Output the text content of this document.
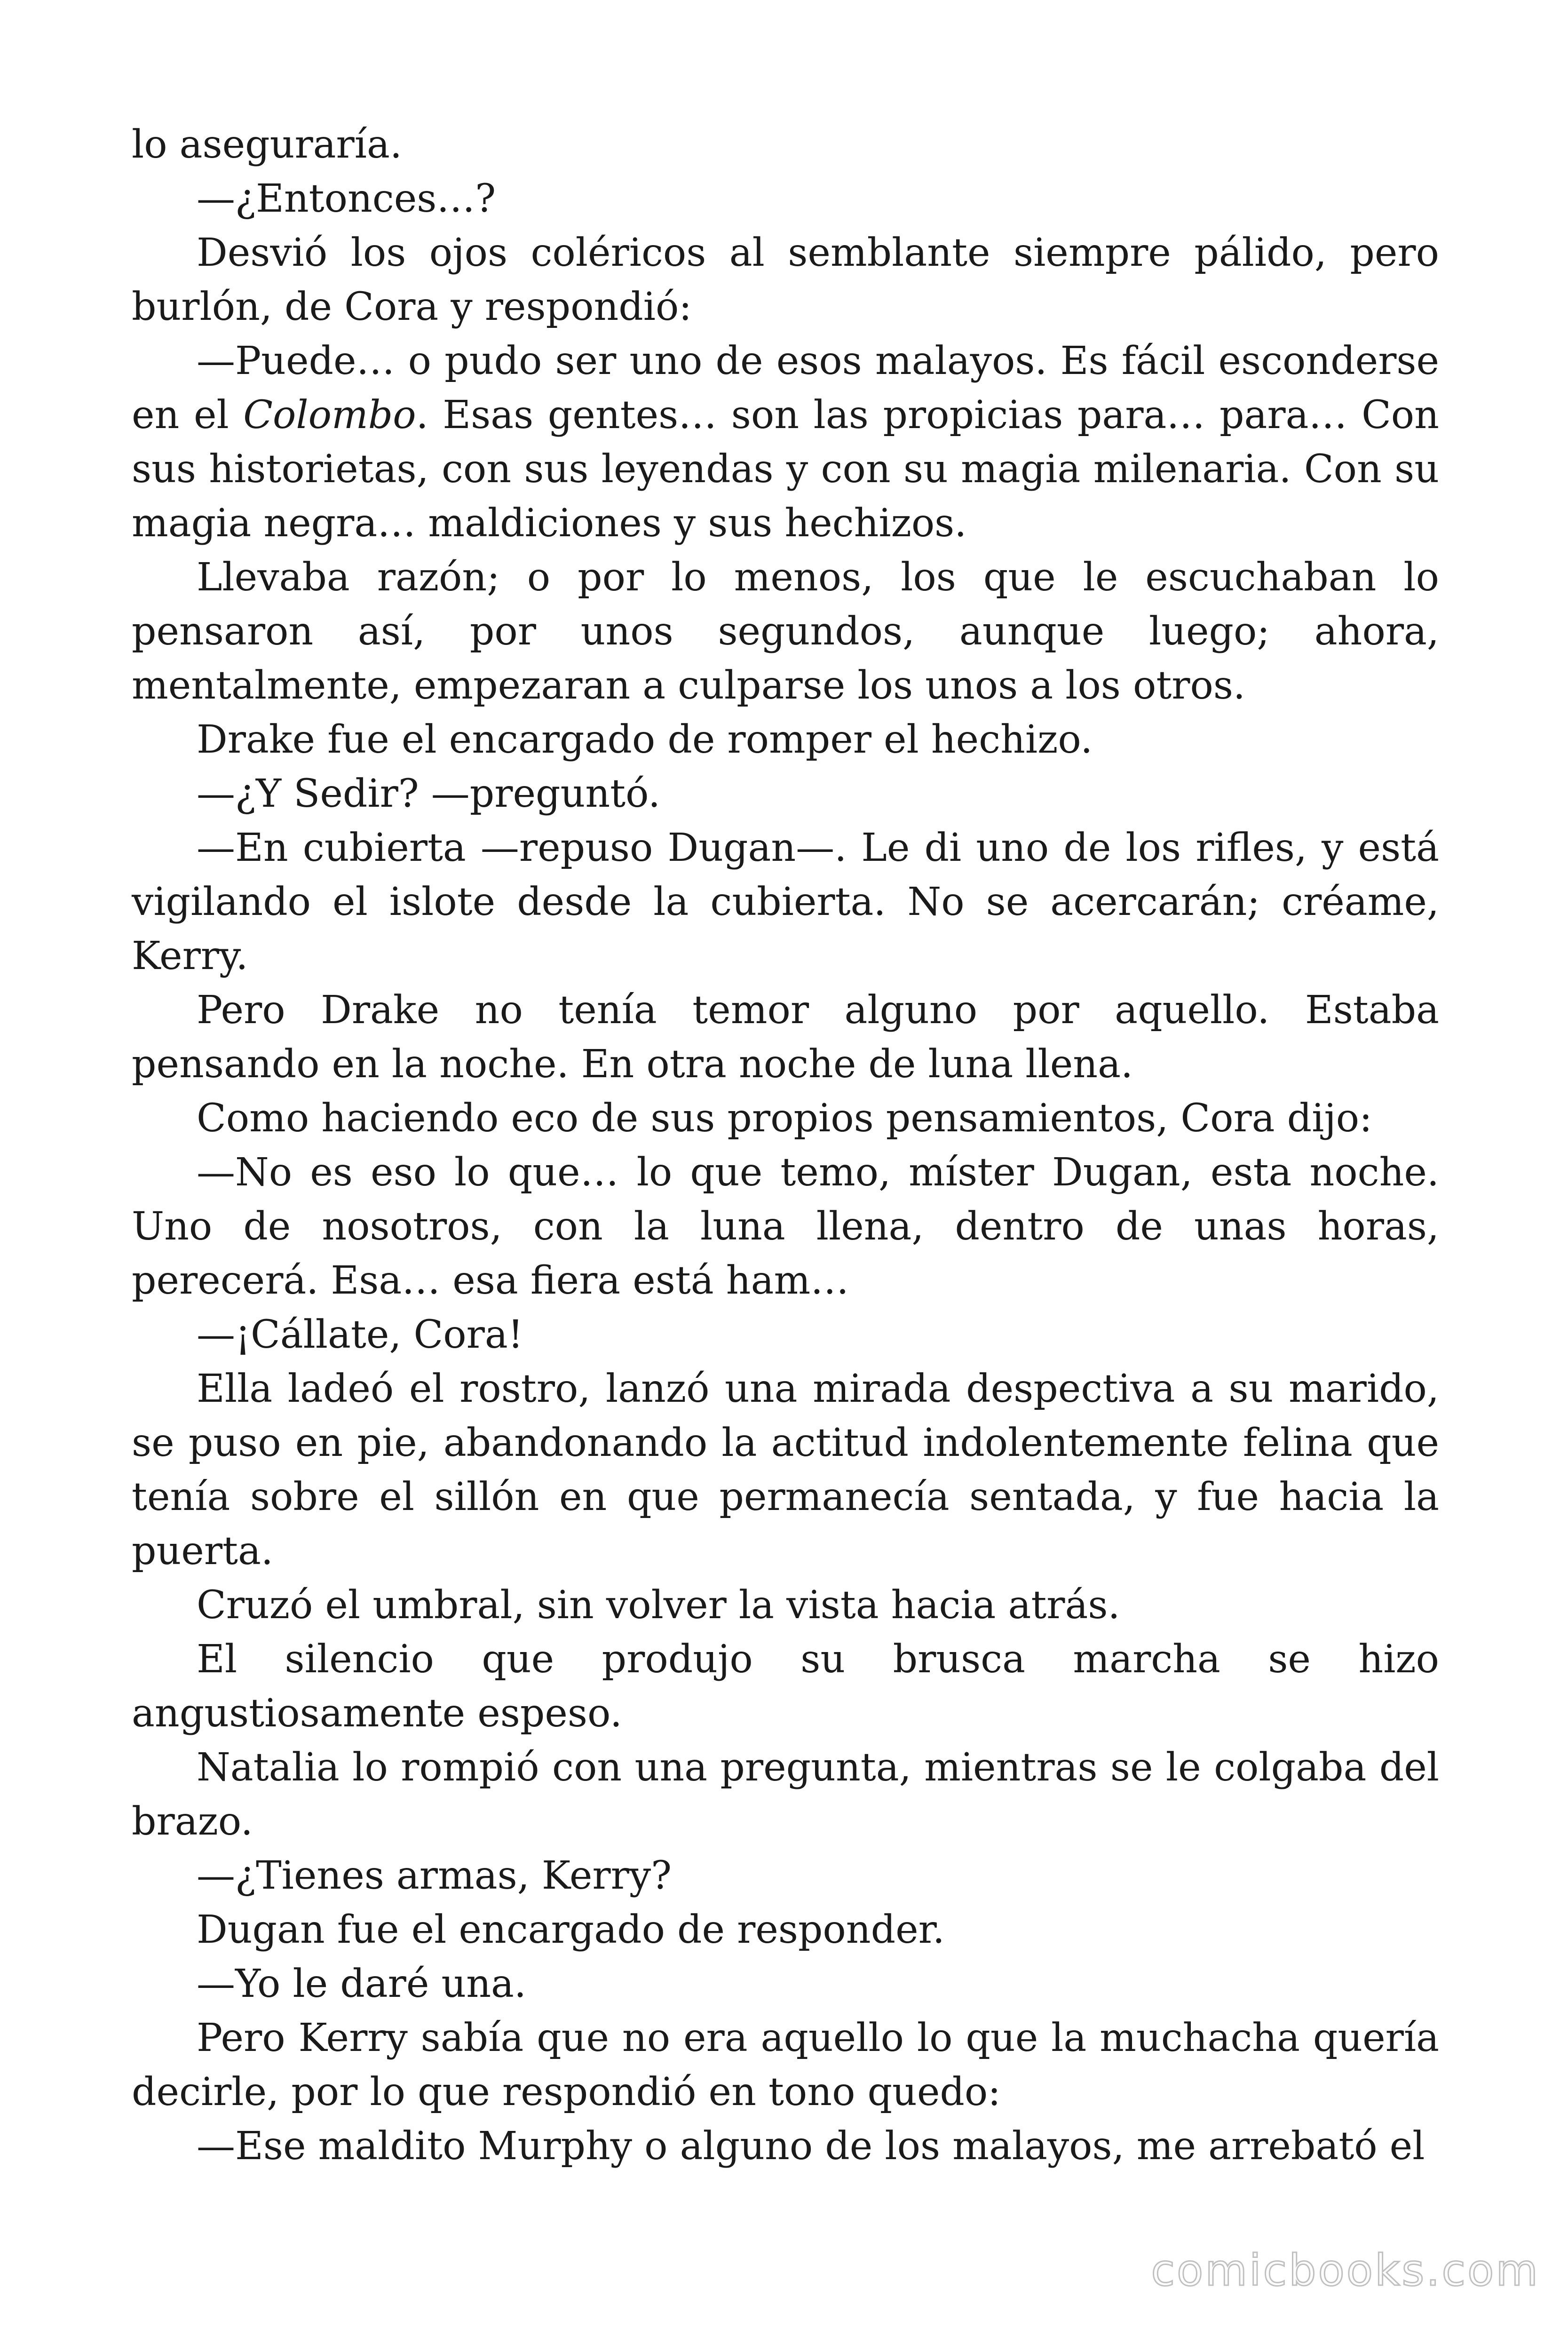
lo aseguraría.

—¿Entonces…?

Desvió los ojos coléricos al semblante siempre pálido, pero burlón, de Cora y respondió:

—Puede… o pudo ser uno de esos malayos. Es fácil esconderse en el Colombo. Esas gentes… son las propicias para… para… Con sus historietas, con sus leyendas y con su magia milenaria. Con su magia negra… maldiciones y sus hechizos.

Llevaba razón; o por lo menos, los que le escuchaban lo pensaron así, por unos segundos, aunque luego; ahora, mentalmente, empezaran a culparse los unos a los otros.

Drake fue el encargado de romper el hechizo.

—¿Y Sedir? —preguntó.

—En cubierta —repuso Dugan—. Le di uno de los rifles, y está vigilando el islote desde la cubierta. No se acercarán; créame, Kerry.

Pero Drake no tenía temor alguno por aquello. Estaba pensando en la noche. En otra noche de luna llena.

Como haciendo eco de sus propios pensamientos, Cora dijo:

—No es eso lo que… lo que temo, míster Dugan, esta noche. Uno de nosotros, con la luna llena, dentro de unas horas, perecerá. Esa… esa fiera está ham…

—¡Cállate, Cora!

Ella ladeó el rostro, lanzó una mirada despectiva a su marido, se puso en pie, abandonando la actitud indolentemente felina que tenía sobre el sillón en que permanecía sentada, y fue hacia la puerta.

Cruzó el umbral, sin volver la vista hacia atrás.

El silencio que produjo su brusca marcha se hizo angustiosamente espeso.

Natalia lo rompió con una pregunta, mientras se le colgaba del brazo.

—¿Tienes armas, Kerry?

Dugan fue el encargado de responder.

—Yo le daré una.

Pero Kerry sabía que no era aquello lo que la muchacha quería decirle, por lo que respondió en tono quedo:

—Ese maldito Murphy o alguno de los malayos, me arrebató el

comicbooks.com
